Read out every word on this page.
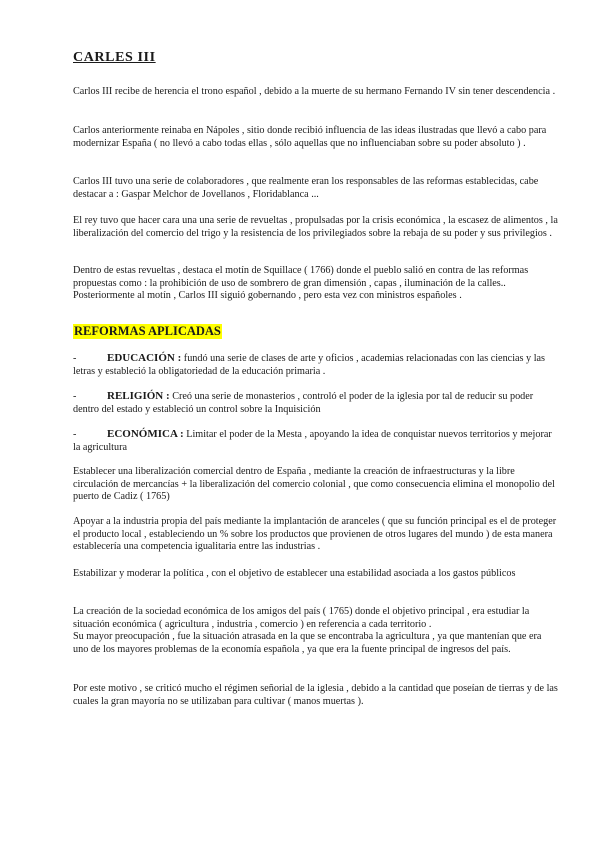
CARLES III

Carlos III recibe de herencia el trono español , debido a la muerte de su hermano Fernando IV sin tener descendencia .

Carlos anteriormente reinaba en Nápoles , sitio donde recibió influencia de las ideas ilustradas que llevó a cabo para modernizar España ( no llevó a cabo todas ellas , sólo aquellas que no influenciaban sobre su poder absoluto ) .

Carlos III tuvo una serie de colaboradores , que realmente eran los responsables de las reformas establecidas, cabe destacar a : Gaspar Melchor de Jovellanos , Floridablanca ...

El rey tuvo que hacer cara una una serie de revueltas , propulsadas por la crisis económica , la escasez de alimentos , la liberalización del comercio del trigo y la resistencia de los privilegiados sobre la rebaja de su poder y sus privilegios .

Dentro de estas revueltas , destaca el motín de Squillace ( 1766) donde el pueblo salió en contra de las reformas propuestas como : la prohibición de uso de sombrero de gran dimensión , capas , iluminación de la calles.. Posteriormente al motín , Carlos III siguió gobernando , pero esta vez con ministros españoles .

REFORMAS APLICADAS

-	EDUCACIÓN : fundó una serie de clases de arte y oficios , academias relacionadas con las ciencias y las letras y estableció la obligatoriedad de la educación primaria .

-	RELIGIÓN : Creó una serie de monasterios , controló el poder de la iglesia por tal de reducir su poder dentro del estado y estableció un control sobre la Inquisición

-	ECONÓMICA : Limitar el poder de la Mesta , apoyando la idea de conquistar nuevos territorios y mejorar la agricultura

Establecer una liberalización comercial dentro de España , mediante la creación de infraestructuras y la libre circulación de mercancías + la liberalización del comercio colonial , que como consecuencia elimina el monopolio del puerto de Cadiz ( 1765)

Apoyar a la industria propia del país mediante la implantación de aranceles ( que su función principal es el de proteger el producto local , estableciendo un % sobre los productos que provienen de otros lugares del mundo ) de esta manera establecería una competencia igualitaria entre las industrias .

Estabilizar y moderar la política , con el objetivo de establecer una estabilidad asociada a los gastos públicos

La creación de la sociedad económica de los amigos del país ( 1765) donde el objetivo principal , era estudiar la situación económica ( agricultura , industria , comercio ) en referencia a cada territorio .

Su mayor preocupación , fue la situación atrasada en la que se encontraba la agricultura , ya que mantenían que era uno de los mayores problemas de la economía española , ya que era la fuente principal de ingresos del país.

Por este motivo , se criticó mucho el régimen señorial de la iglesia , debido a la cantidad que poseían de tierras y de las cuales la gran mayoría no se utilizaban para cultivar ( manos muertas ).
